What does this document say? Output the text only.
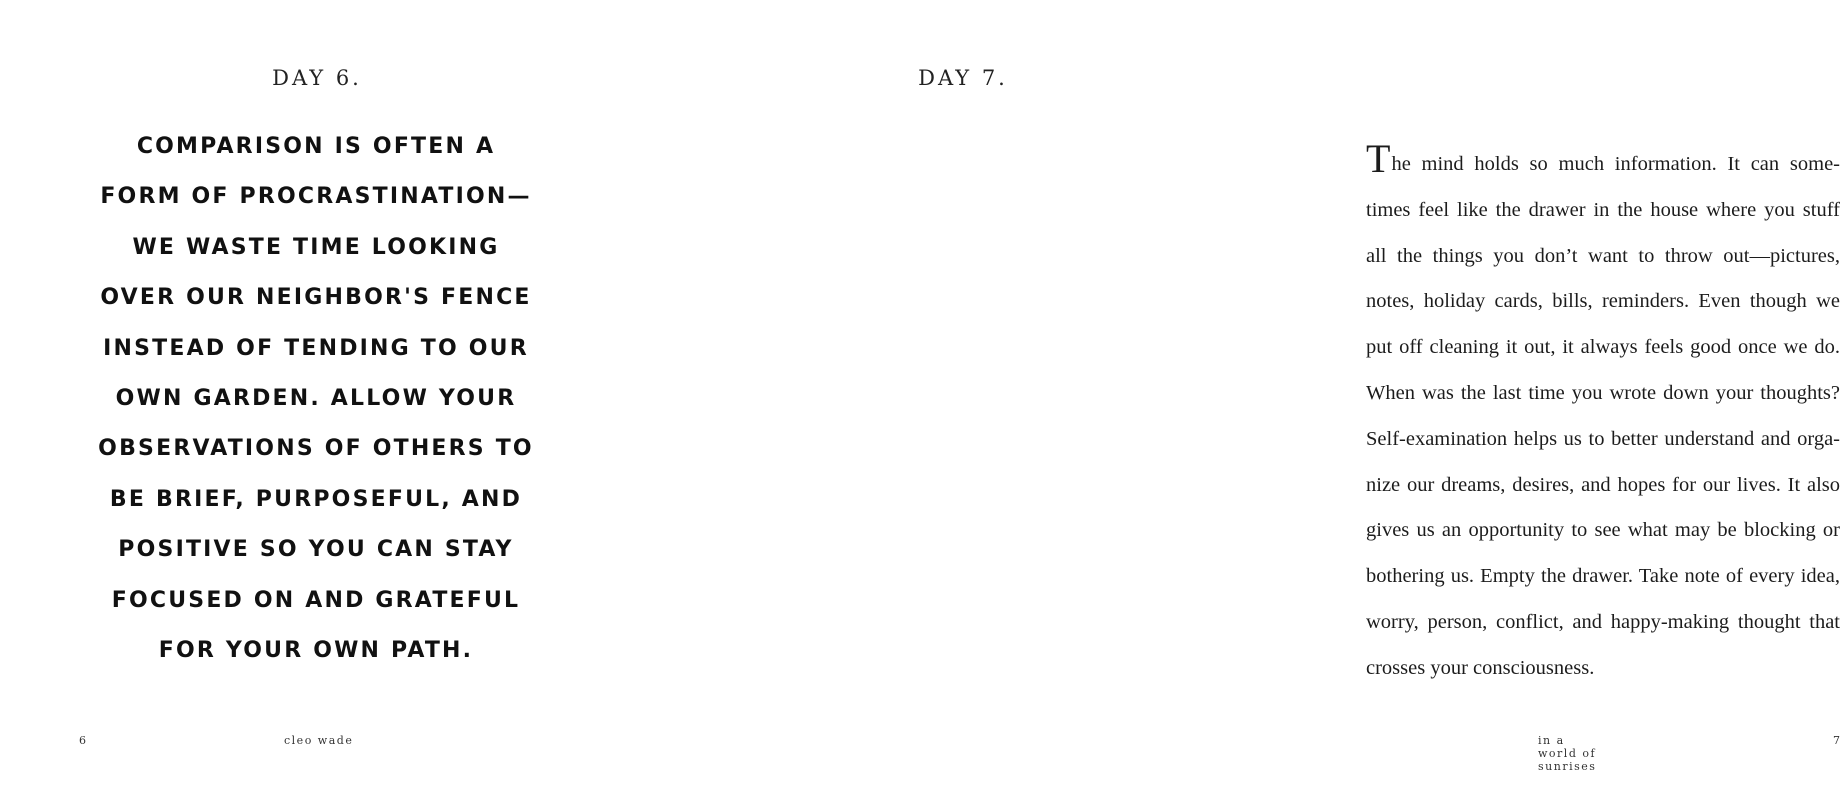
DAY 6.
COMPARISON IS OFTEN A
FORM OF PROCRASTINATION—
WE WASTE TIME LOOKING
OVER OUR NEIGHBOR'S FENCE
INSTEAD OF TENDING TO OUR
OWN GARDEN. ALLOW YOUR
OBSERVATIONS OF OTHERS TO
BE BRIEF, PURPOSEFUL, AND
POSITIVE SO YOU CAN STAY
FOCUSED ON AND GRATEFUL
FOR YOUR OWN PATH.
6	cleo wade
DAY 7.
The mind holds so much information. It can some-
times feel like the drawer in the house where you stuff
all the things you don’t want to throw out—pictures,
notes, holiday cards, bills, reminders. Even though we
put off cleaning it out, it always feels good once we do.
When was the last time you wrote down your thoughts?
Self-examination helps us to better understand and orga-
nize our dreams, desires, and hopes for our lives. It also
gives us an opportunity to see what may be blocking or
bothering us. Empty the drawer. Take note of every idea,
worry, person, conflict, and happy-making thought that
crosses your consciousness.
in a world of sunrises
7
